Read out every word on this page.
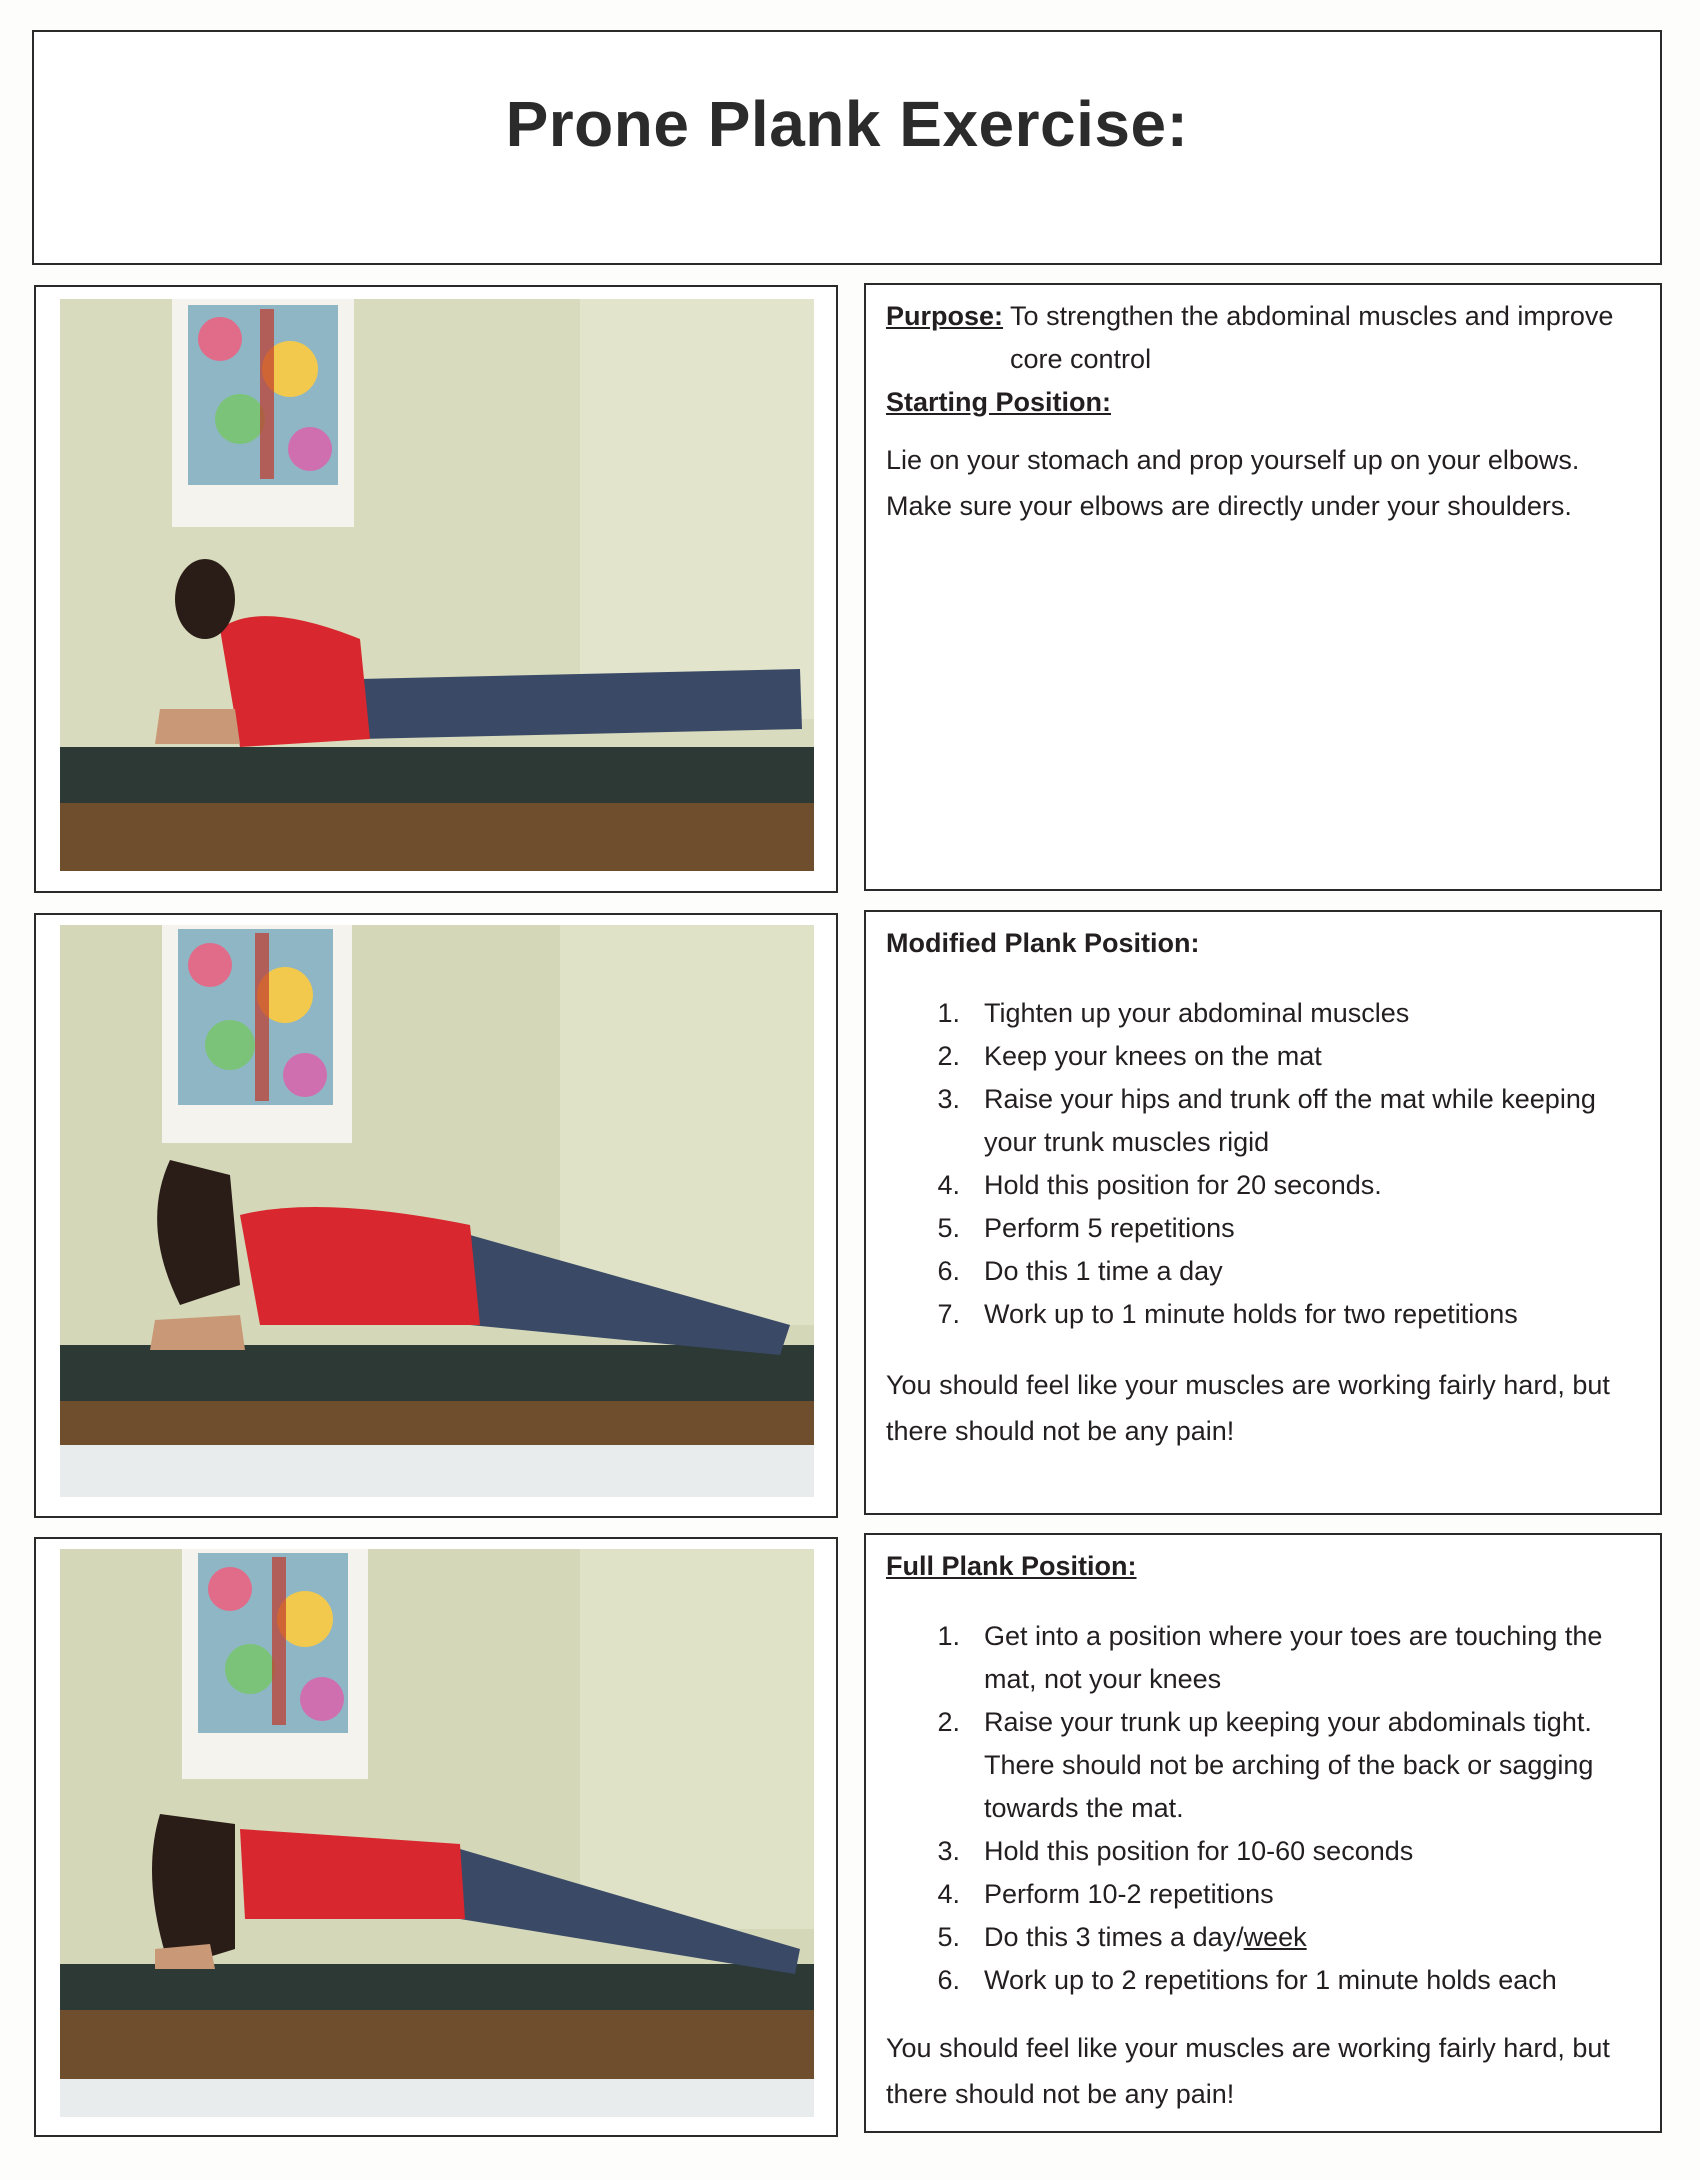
Prone Plank Exercise:
Purpose: To strengthen the abdominal muscles and improve
core control
Starting Position:
Lie on your stomach and prop yourself up on your elbows.
Make sure your elbows are directly under your shoulders.
Modified Plank Position:
1. Tighten up your abdominal muscles
2. Keep your knees on the mat
3. Raise your hips and trunk off the mat while keeping your trunk muscles rigid
4. Hold this position for 20 seconds.
5. Perform 5 repetitions
6. Do this 1 time a day
7. Work up to 1 minute holds for two repetitions
You should feel like your muscles are working fairly hard, but there should not be any pain!
Full Plank Position:
1. Get into a position where your toes are touching the mat, not your knees
2. Raise your trunk up keeping your abdominals tight. There should not be arching of the back or sagging towards the mat.
3. Hold this position for 10-60 seconds
4. Perform 10-2 repetitions
5. Do this 3 times a day/week
6. Work up to 2 repetitions for 1 minute holds each
You should feel like your muscles are working fairly hard, but there should not be any pain!
